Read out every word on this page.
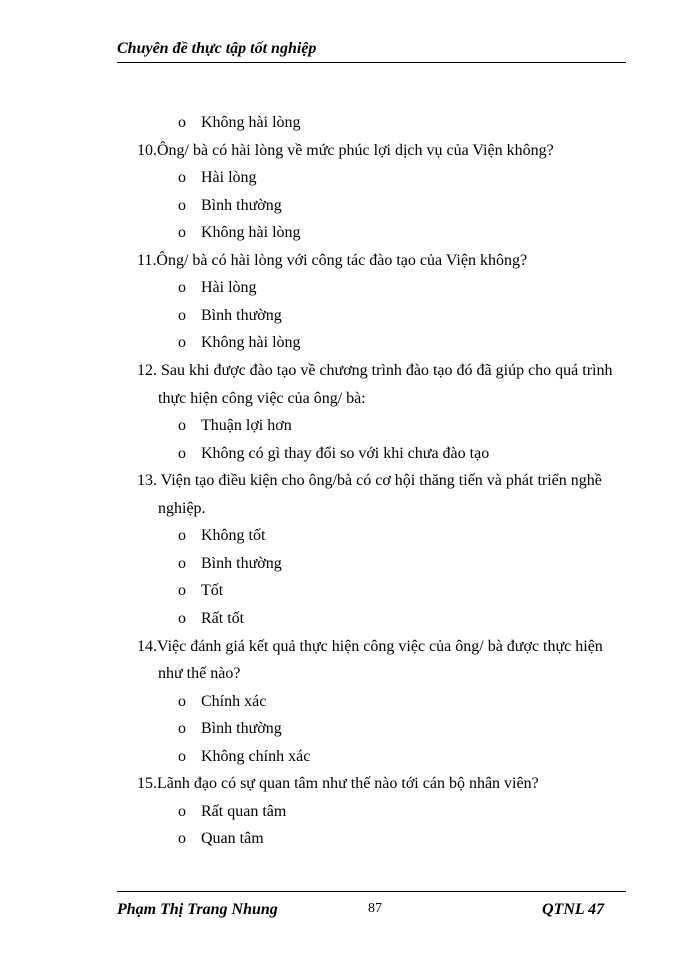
Chuyên đề thực tập tốt nghiệp
o Không hài lòng
10.Ông/ bà có hài lòng về mức phúc lợi dịch vụ của Viện không?
o Hài lòng
o Bình thường
o Không hài lòng
11.Ông/ bà có hài lòng với công tác đào tạo của Viện không?
o Hài lòng
o Bình thường
o Không hài lòng
12. Sau khi được đào tạo về chương trình đào tạo đó đã giúp cho quá trình
thực hiện công việc của ông/ bà:
o Thuận lợi hơn
o Không có gì thay đổi so với khi chưa đào tạo
13. Viện tạo điều kiện cho ông/bà có cơ hội thăng tiến và phát triển nghề
nghiệp.
o Không tốt
o Bình thường
o Tốt
o Rất tốt
14.Việc đánh giá kết quả thực hiện công việc của ông/ bà được thực hiện
như thế nào?
o Chính xác
o Bình thường
o Không chính xác
15.Lãnh đạo có sự quan tâm như thế nào tới cán bộ nhân viên?
o Rất quan tâm
o Quan tâm
Phạm Thị Trang Nhung	87	QTNL 47
